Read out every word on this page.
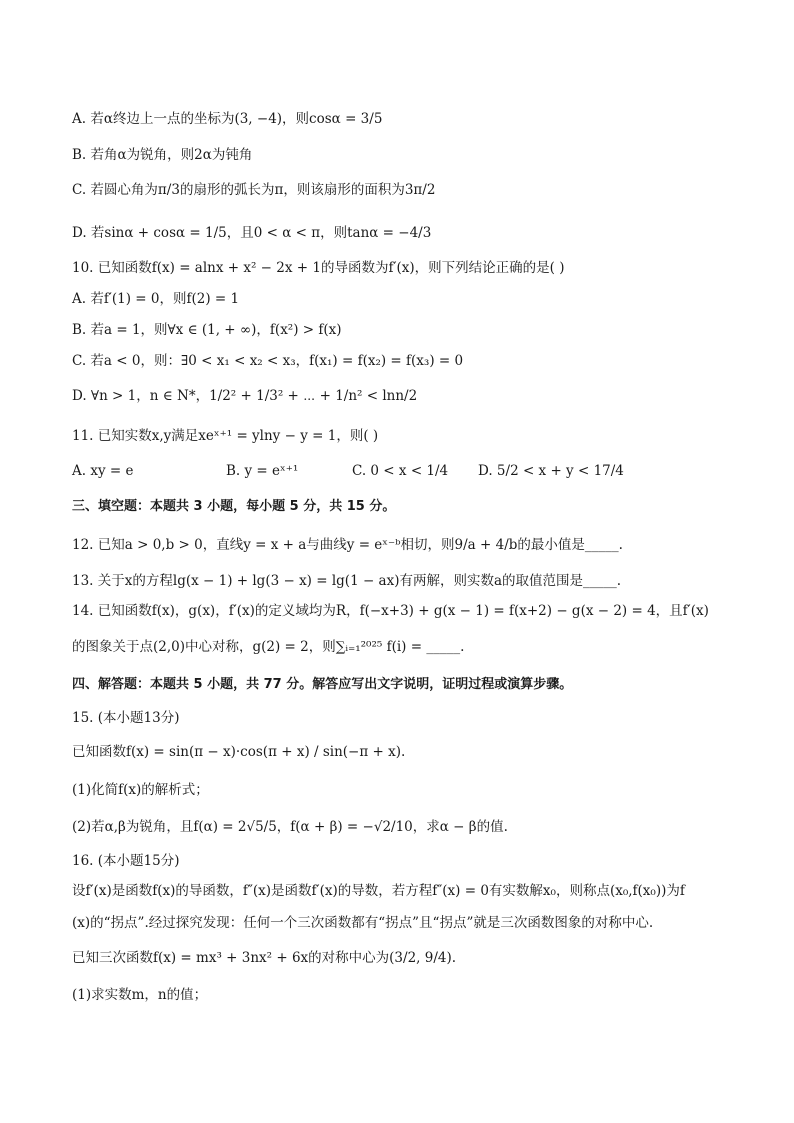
A. 若α终边上一点的坐标为(3, −4)，则cosα = 3/5
B. 若角α为锐角，则2α为钝角
C. 若圆心角为π/3的扇形的弧长为π，则该扇形的面积为3π/2
D. 若sinα + cosα = 1/5，且0 < α < π，则tanα = −4/3
10. 已知函数f(x) = alnx + x² − 2x + 1的导函数为f′(x)，则下列结论正确的是( )
A. 若f′(1) = 0，则f(2) = 1
B. 若a = 1，则∀x ∈ (1, + ∞)，f(x²) > f(x)
C. 若a < 0，则：∃0 < x₁ < x₂ < x₃，f(x₁) = f(x₂) = f(x₃) = 0
D. ∀n > 1，n ∈ N*，1/2² + 1/3² + ⋯ + 1/n² < lnn/2
11. 已知实数x,y满足xeˣ⁺¹ = ylny − y = 1，则( )
A. xy = e	B. y = eˣ⁺¹	C. 0 < x < 1/4 D. 5/2 < x + y < 17/4
三、填空题：本题共 3 小题，每小题 5 分，共 15 分。
12. 已知a > 0,b > 0，直线y = x + a与曲线y = eˣ⁻ᵇ相切，则9/a + 4/b的最小值是_____.
13. 关于x的方程lg(x − 1) + lg(3 − x) = lg(1 − ax)有两解，则实数a的取值范围是_____.
14. 已知函数f(x)，g(x)，f′(x)的定义域均为R，f(−x+3) + g(x − 1) = f(x+2) − g(x − 2) = 4，且f′(x)
的图象关于点(2,0)中心对称，g(2) = 2，则∑ᵢ₌₁²⁰²⁵ f(i) = _____.
四、解答题：本题共 5 小题，共 77 分。解答应写出文字说明，证明过程或演算步骤。
15. (本小题13分)
已知函数f(x) = sin(π − x)·cos(π + x) / sin(−π + x).
(1)化简f(x)的解析式；
(2)若α,β为锐角，且f(α) = 2√5/5，f(α + β) = −√2/10，求α − β的值.
16. (本小题15分)
设f′(x)是函数f(x)的导函数，f″(x)是函数f′(x)的导数，若方程f″(x) = 0有实数解x₀，则称点(x₀,f(x₀))为f
(x)的“拐点”.经过探究发现：任何一个三次函数都有“拐点”且“拐点”就是三次函数图象的对称中心.
已知三次函数f(x) = mx³ + 3nx² + 6x的对称中心为(3/2, 9/4).
(1)求实数m，n的值；
